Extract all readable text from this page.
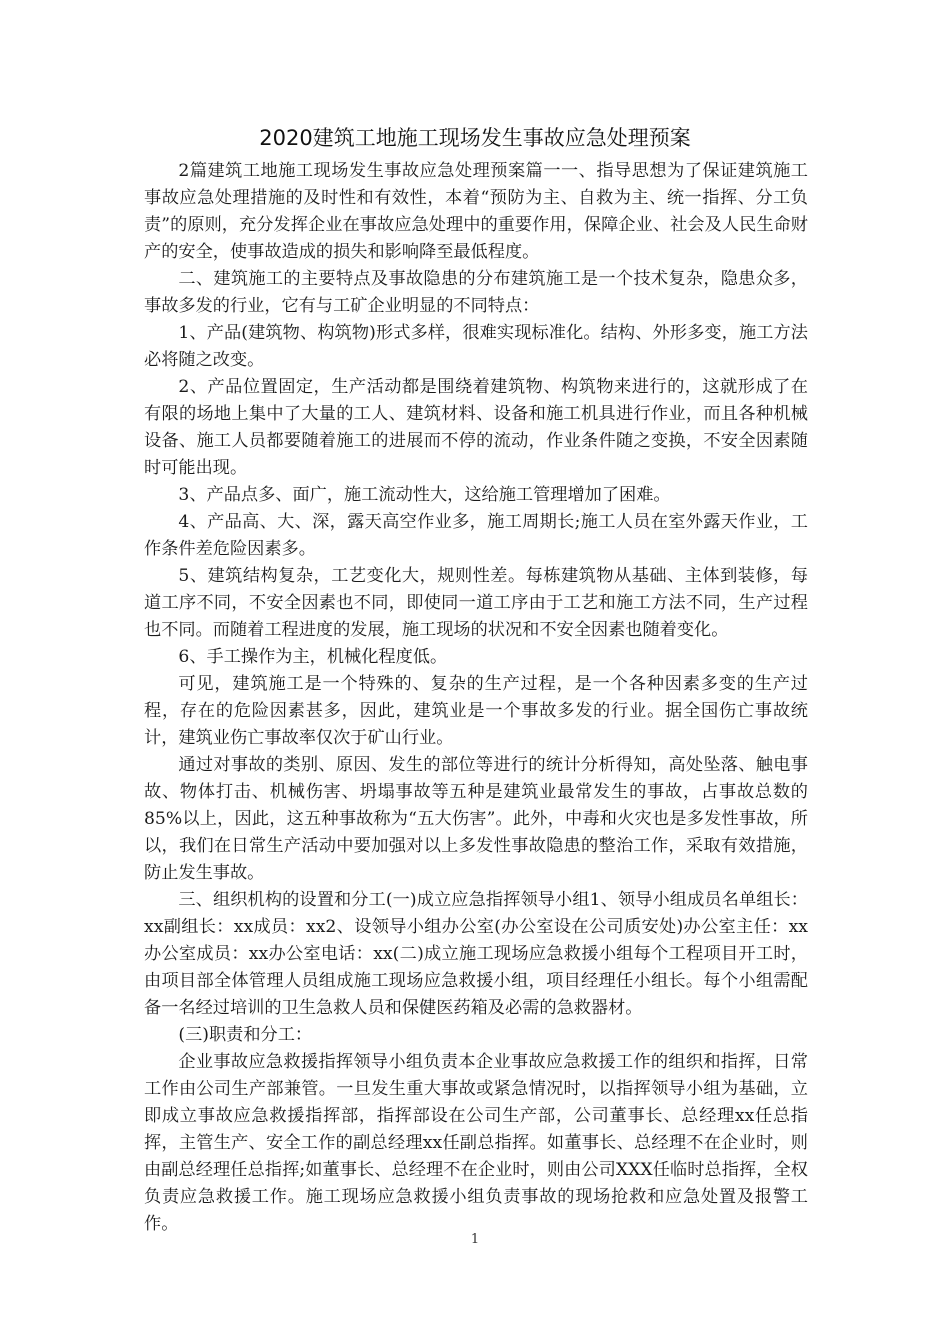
2020建筑工地施工现场发生事故应急处理预案

2篇建筑工地施工现场发生事故应急处理预案篇一一、指导思想为了保证建筑施工事故应急处理措施的及时性和有效性，本着“预防为主、自救为主、统一指挥、分工负责”的原则，充分发挥企业在事故应急处理中的重要作用，保障企业、社会及人民生命财产的安全，使事故造成的损失和影响降至最低程度。

二、建筑施工的主要特点及事故隐患的分布建筑施工是一个技术复杂，隐患众多，事故多发的行业，它有与工矿企业明显的不同特点：

1、产品(建筑物、构筑物)形式多样，很难实现标准化。结构、外形多变，施工方法必将随之改变。

2、产品位置固定，生产活动都是围绕着建筑物、构筑物来进行的，这就形成了在有限的场地上集中了大量的工人、建筑材料、设备和施工机具进行作业，而且各种机械设备、施工人员都要随着施工的进展而不停的流动，作业条件随之变换，不安全因素随时可能出现。

3、产品点多、面广，施工流动性大，这给施工管理增加了困难。

4、产品高、大、深，露天高空作业多，施工周期长;施工人员在室外露天作业，工作条件差危险因素多。

5、建筑结构复杂，工艺变化大，规则性差。每栋建筑物从基础、主体到装修，每道工序不同，不安全因素也不同，即使同一道工序由于工艺和施工方法不同，生产过程也不同。而随着工程进度的发展，施工现场的状况和不安全因素也随着变化。

6、手工操作为主，机械化程度低。

可见，建筑施工是一个特殊的、复杂的生产过程，是一个各种因素多变的生产过程，存在的危险因素甚多，因此，建筑业是一个事故多发的行业。据全国伤亡事故统计，建筑业伤亡事故率仅次于矿山行业。

通过对事故的类别、原因、发生的部位等进行的统计分析得知，高处坠落、触电事故、物体打击、机械伤害、坍塌事故等五种是建筑业最常发生的事故，占事故总数的85%以上，因此，这五种事故称为“五大伤害”。此外，中毒和火灾也是多发性事故，所以，我们在日常生产活动中要加强对以上多发性事故隐患的整治工作，采取有效措施，防止发生事故。

三、组织机构的设置和分工(一)成立应急指挥领导小组1、领导小组成员名单组长：xx副组长：xx成员：xx2、设领导小组办公室(办公室设在公司质安处)办公室主任：xx办公室成员：xx办公室电话：xx(二)成立施工现场应急救援小组每个工程项目开工时，由项目部全体管理人员组成施工现场应急救援小组，项目经理任小组长。每个小组需配备一名经过培训的卫生急救人员和保健医药箱及必需的急救器材。

(三)职责和分工：

企业事故应急救援指挥领导小组负责本企业事故应急救援工作的组织和指挥，日常工作由公司生产部兼管。一旦发生重大事故或紧急情况时，以指挥领导小组为基础，立即成立事故应急救援指挥部，指挥部设在公司生产部，公司董事长、总经理xx任总指挥，主管生产、安全工作的副总经理xx任副总指挥。如董事长、总经理不在企业时，则由副总经理任总指挥;如董事长、总经理不在企业时，则由公司XXX任临时总指挥，全权负责应急救援工作。施工现场应急救援小组负责事故的现场抢救和应急处置及报警工作。

1
